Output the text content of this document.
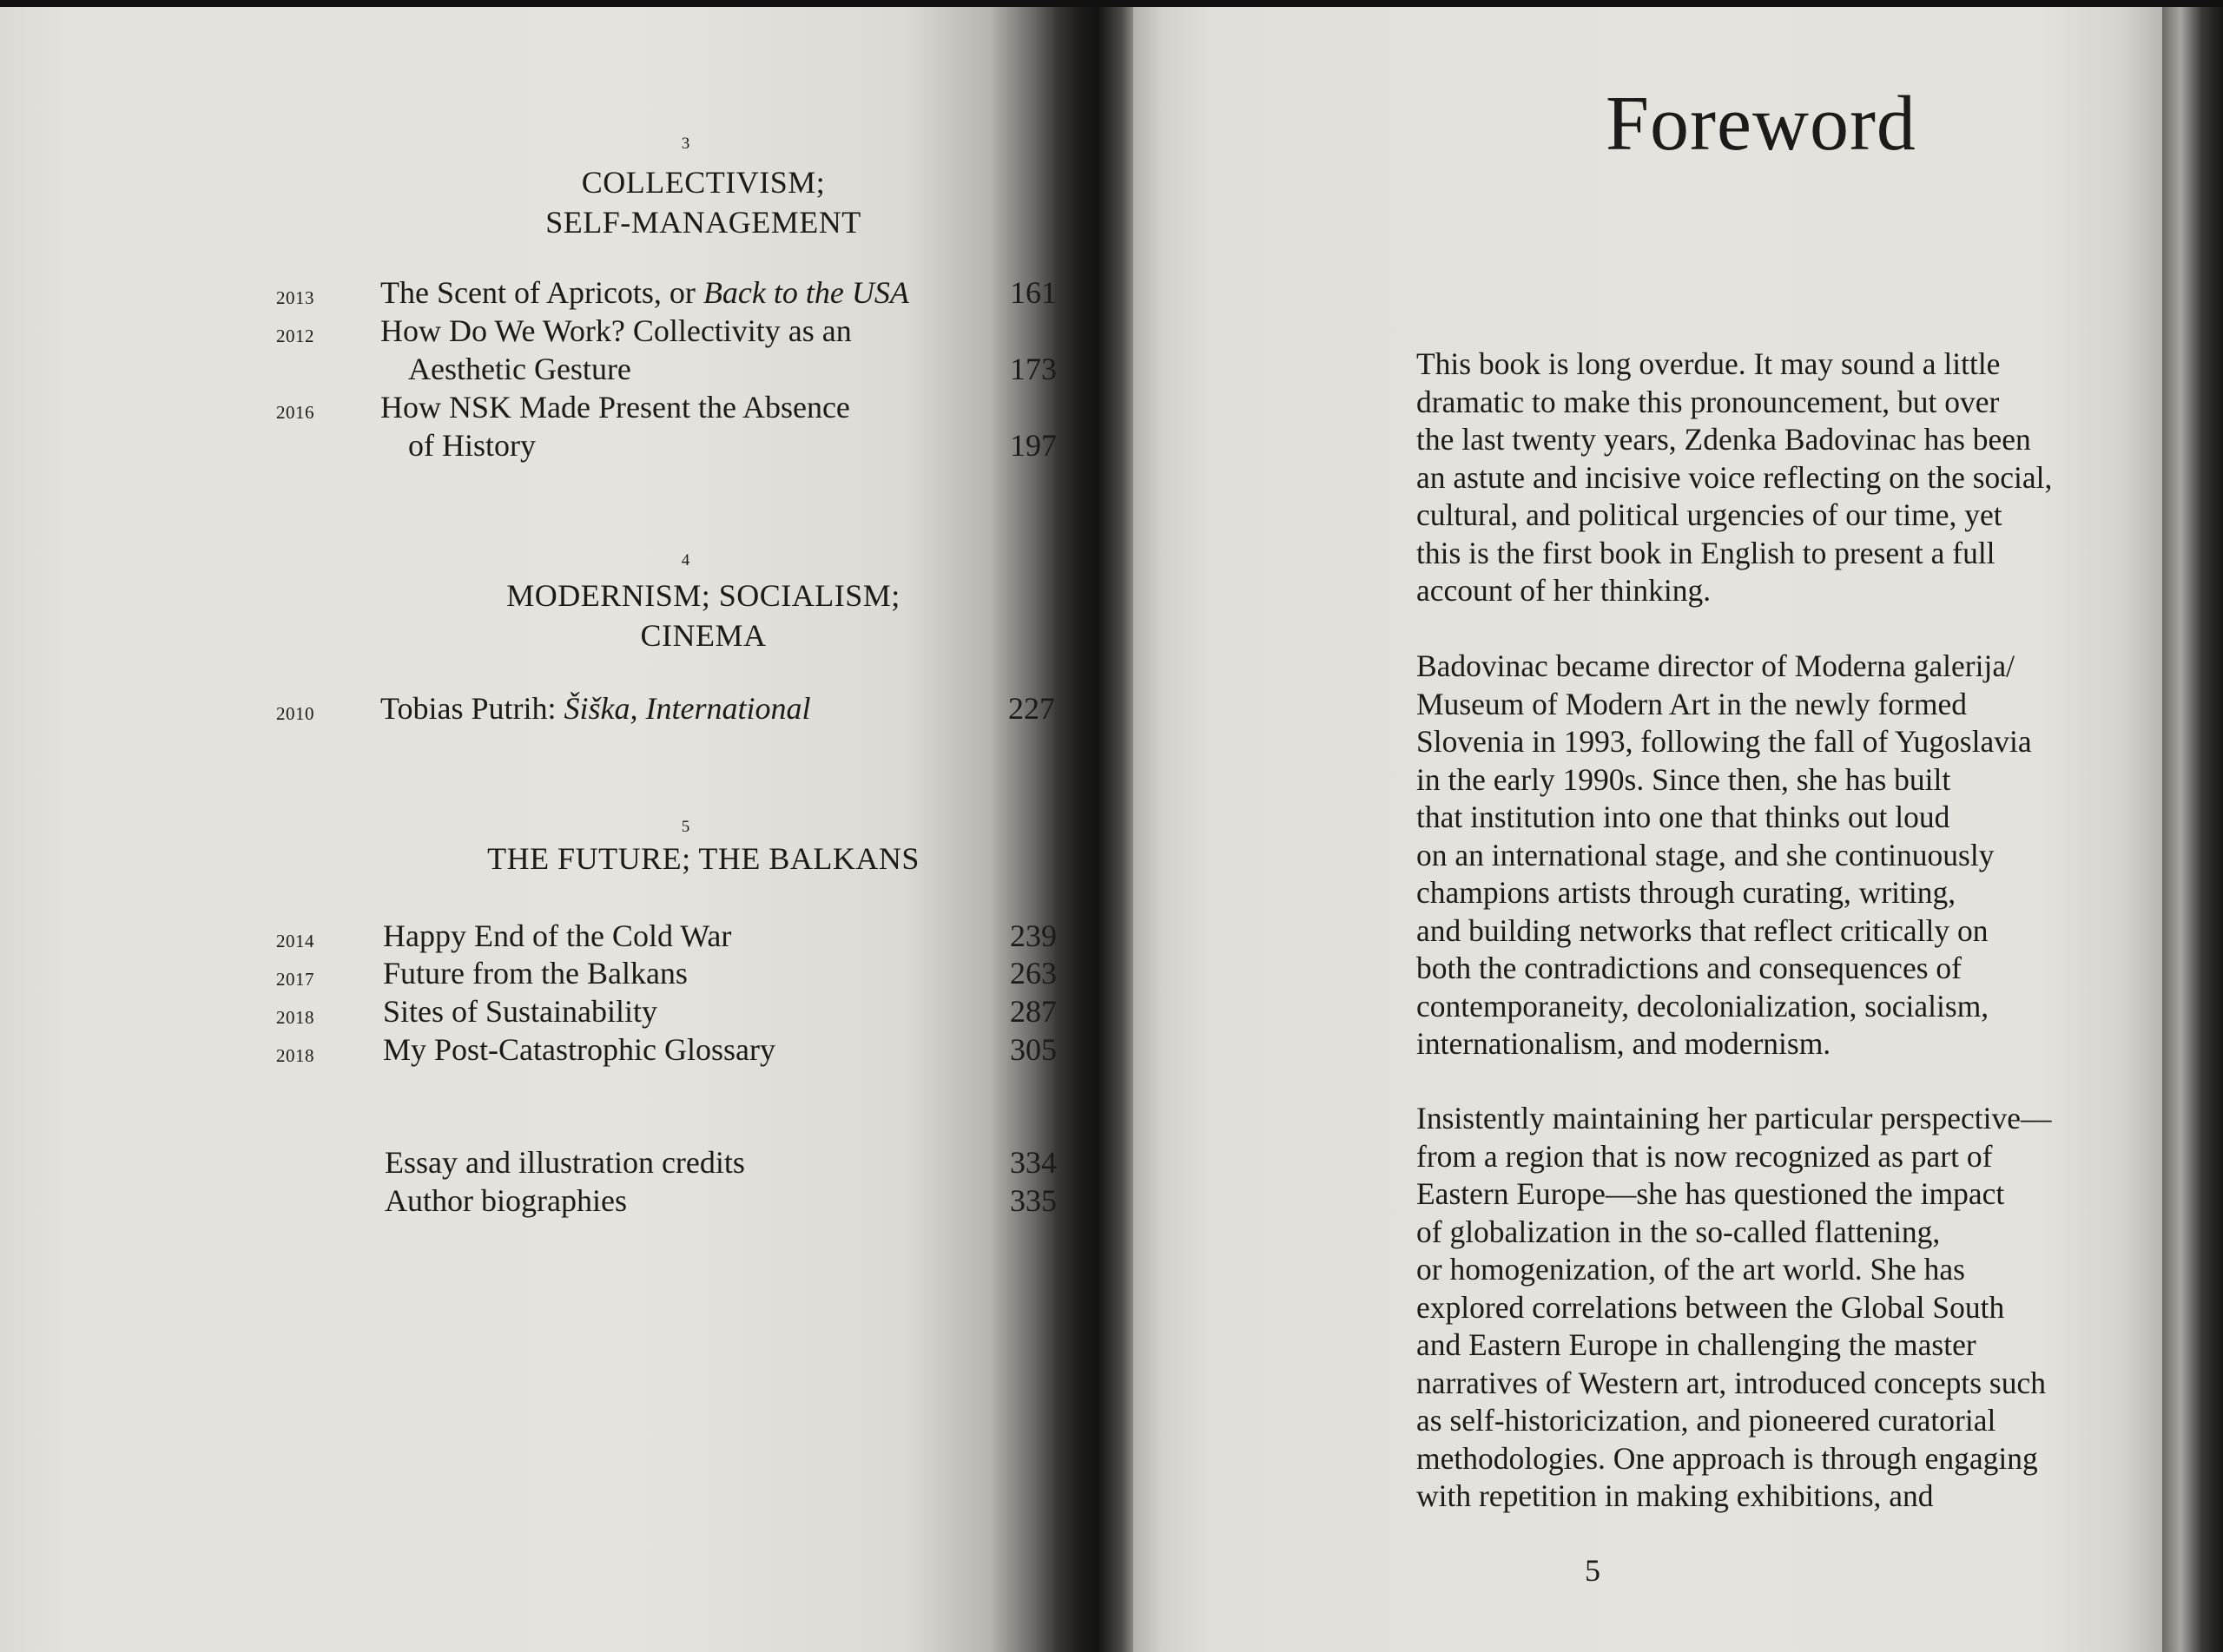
3
COLLECTIVISM;
SELF-MANAGEMENT
2013 The Scent of Apricots, or Back to the USA	161
2012 How Do We Work? Collectivity as an
Aesthetic Gesture	173
2016 How NSK Made Present the Absence
of History	197
4
MODERNISM; SOCIALISM;
CINEMA
2010 Tobias Putrih: Šiška, International	227
5
THE FUTURE; THE BALKANS
2014 Happy End of the Cold War	239
2017 Future from the Balkans	263
2018 Sites of Sustainability	287
2018 My Post-Catastrophic Glossary	305
Essay and illustration credits	334
Author biographies	335
Foreword
This book is long overdue. It may sound a little
dramatic to make this pronouncement, but over
the last twenty years, Zdenka Badovinac has been
an astute and incisive voice reflecting on the social,
cultural, and political urgencies of our time, yet
this is the first book in English to present a full
account of her thinking.
Badovinac became director of Moderna galerija/
Museum of Modern Art in the newly formed
Slovenia in 1993, following the fall of Yugoslavia
in the early 1990s. Since then, she has built
that institution into one that thinks out loud
on an international stage, and she continuously
champions artists through curating, writing,
and building networks that reflect critically on
both the contradictions and consequences of
contemporaneity, decolonialization, socialism,
internationalism, and modernism.
Insistently maintaining her particular perspective—
from a region that is now recognized as part of
Eastern Europe—she has questioned the impact
of globalization in the so-called flattening,
or homogenization, of the art world. She has
explored correlations between the Global South
and Eastern Europe in challenging the master
narratives of Western art, introduced concepts such
as self-historicization, and pioneered curatorial
methodologies. One approach is through engaging
with repetition in making exhibitions, and
5
